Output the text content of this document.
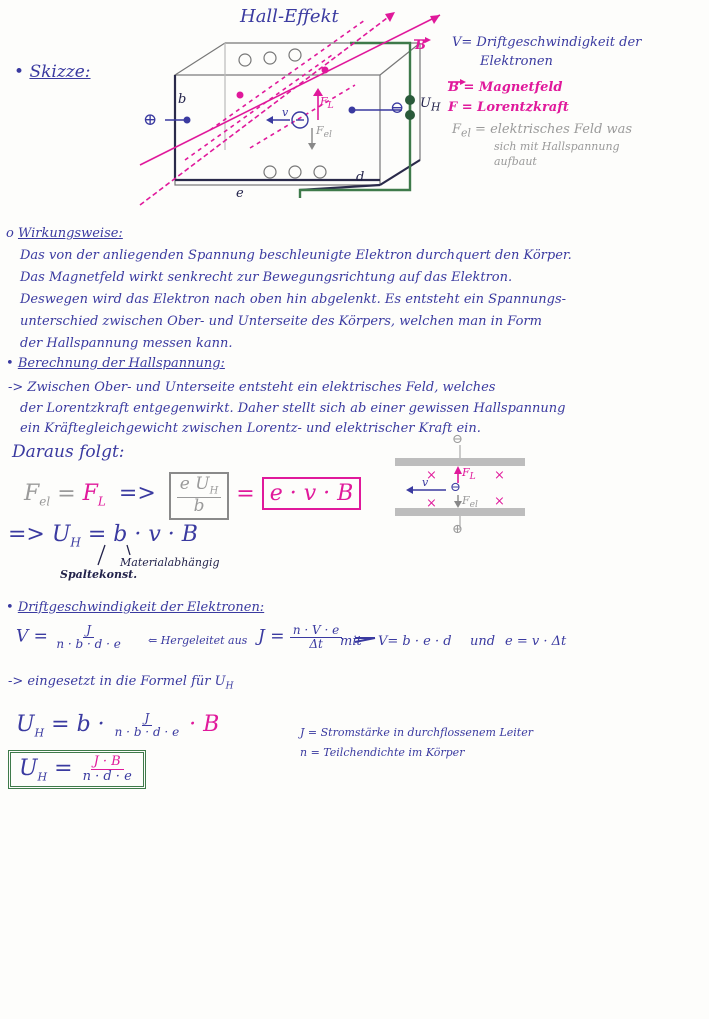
Hall-Effekt
• Skizze:
b
e
d
B
$U_H$
⊕
⊖
$F_L$
$F_{el}$
v
V= Driftgeschwindigkeit der
Elektronen
B = Magnetfeld
F = Lorentzkraft
$F_{el}$ = elektrisches Feld was
sich mit Hallspannung
aufbaut
o Wirkungsweise:
Das von der anliegenden Spannung beschleunigte Elektron durchquert den Körper.
Das Magnetfeld wirkt senkrecht zur Bewegungsrichtung auf das Elektron.
Deswegen wird das Elektron nach oben hin abgelenkt. Es entsteht ein Spannungs-
unterschied zwischen Ober- und Unterseite des Körpers, welchen man in Form
der Hallspannung messen kann.
• Berechnung der Hallspannung:
-> Zwischen Ober- und Unterseite entsteht ein elektrisches Feld, welches
der Lorentzkraft entgegenwirkt. Daher stellt sich ab einer gewissen Hallspannung
ein Kräftegleichgewicht zwischen Lorentz- und elektrischer Kraft ein.
Daraus folgt:
$F_{el} = F_L => \frac{e U_H}{b} = e \cdot v \cdot B$
=> $U_H = b \cdot v \cdot B$
Materialabhängig
Spaltekonst.
⊖
⊕
⊖
×	×
×	×
v
$F_L$
$F_{el}$
• Driftgeschwindigkeit der Elektronen:
$V = \frac{J}{n \cdot b \cdot d \cdot e}$ ⇐ Hergeleitet aus $J = \frac{n \cdot V \cdot e}{\Delta t}$
mit V= b · e · d und e = v · Δt
-> eingesetzt in die Formel für $U_H$
$U_H = b \cdot \frac{J}{n \cdot b \cdot d \cdot e} \cdot B$
$U_H = \frac{J \cdot B}{n \cdot d \cdot e}$
J = Stromstärke in durchflossenem Leiter
n = Teilchendichte im Körper
